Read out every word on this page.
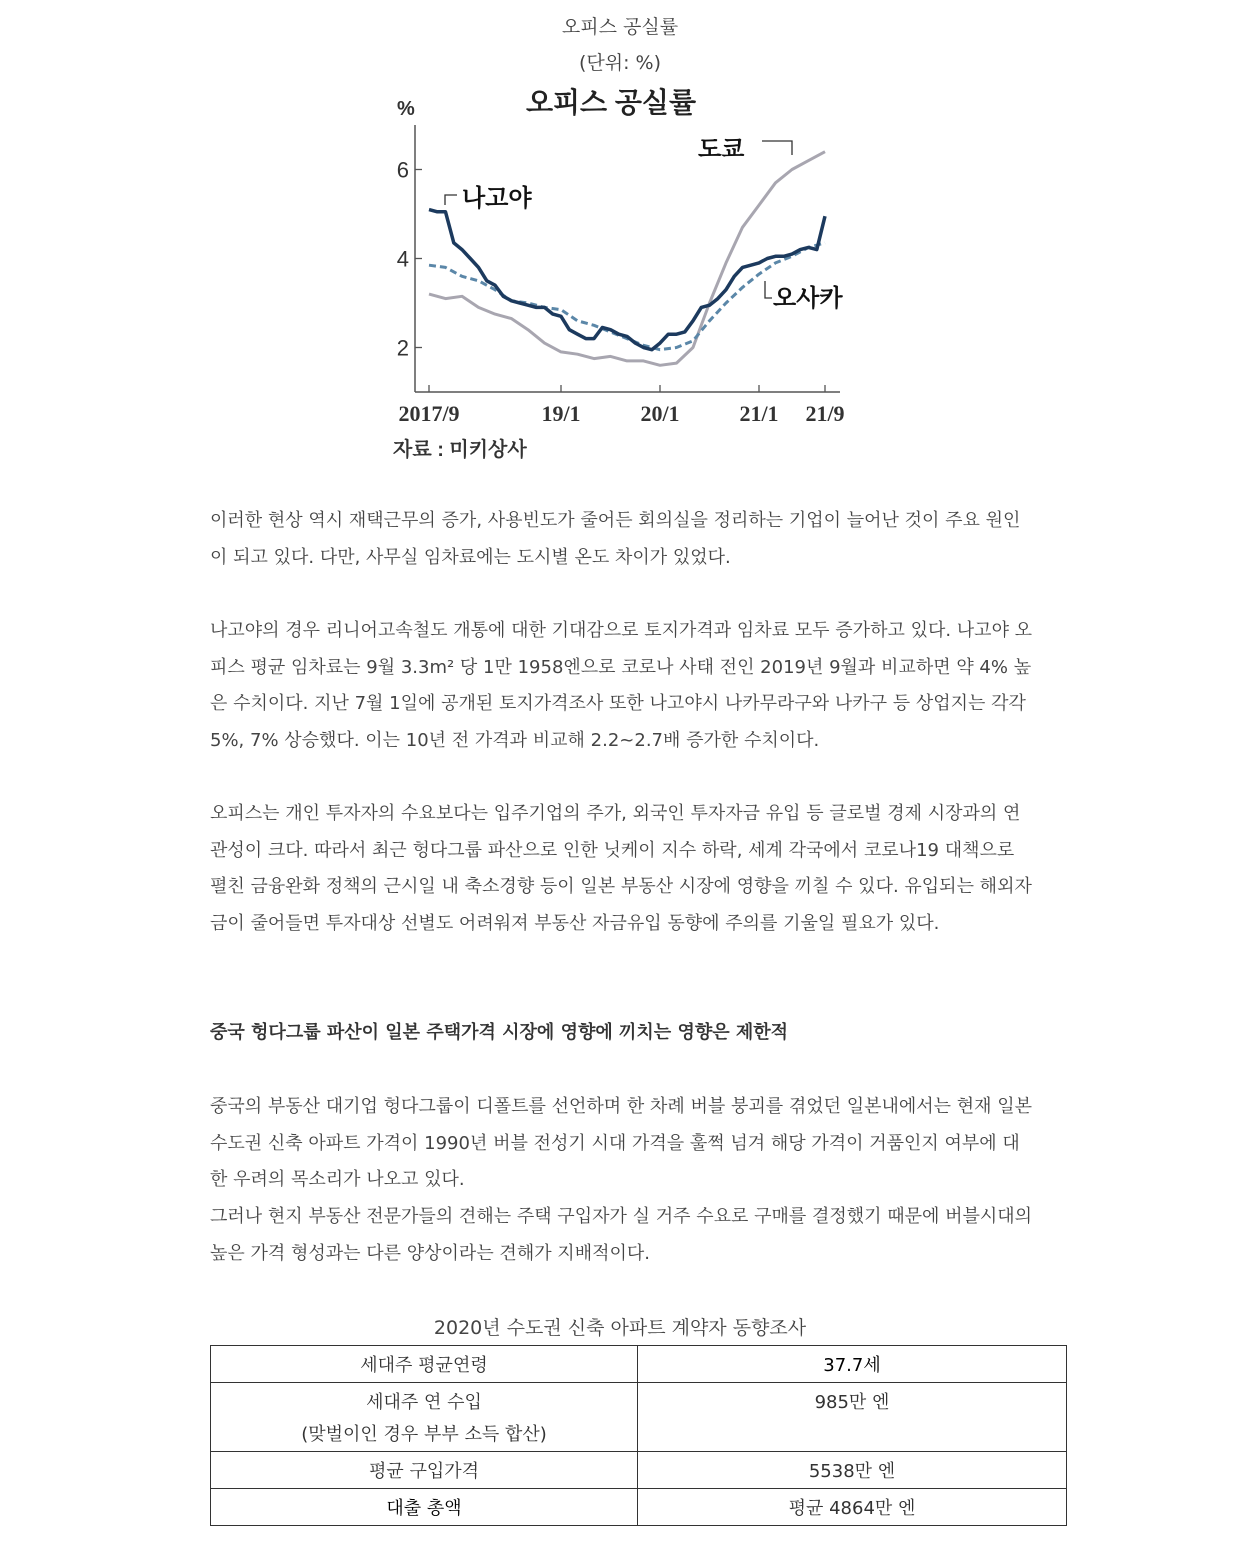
오피스 공실률
(단위: %)
오피스 공실률
%
2
4
6
2017/9	19/1	20/1	21/1 21/9
나고야
도쿄
오사카
자료 : 미키상사

이러한 현상 역시 재택근무의 증가, 사용빈도가 줄어든 회의실을 정리하는 기업이 늘어난 것이 주요 원인이 되고 있다. 다만, 사무실 임차료에는 도시별 온도 차이가 있었다.

나고야의 경우 리니어고속철도 개통에 대한 기대감으로 토지가격과 임차료 모두 증가하고 있다. 나고야 오피스 평균 임차료는 9월 3.3m² 당 1만 1958엔으로 코로나 사태 전인 2019년 9월과 비교하면 약 4% 높은 수치이다. 지난 7월 1일에 공개된 토지가격조사 또한 나고야시 나카무라구와 나카구 등 상업지는 각각 5%, 7% 상승했다. 이는 10년 전 가격과 비교해 2.2~2.7배 증가한 수치이다.

오피스는 개인 투자자의 수요보다는 입주기업의 주가, 외국인 투자자금 유입 등 글로벌 경제 시장과의 연관성이 크다. 따라서 최근 헝다그룹 파산으로 인한 닛케이 지수 하락, 세계 각국에서 코로나19 대책으로 펼친 금융완화 정책의 근시일 내 축소경향 등이 일본 부동산 시장에 영향을 끼칠 수 있다. 유입되는 해외자금이 줄어들면 투자대상 선별도 어려워져 부동산 자금유입 동향에 주의를 기울일 필요가 있다.

중국 헝다그룹 파산이 일본 주택가격 시장에 영향에 끼치는 영향은 제한적

중국의 부동산 대기업 헝다그룹이 디폴트를 선언하며 한 차례 버블 붕괴를 겪었던 일본내에서는 현재 일본 수도권 신축 아파트 가격이 1990년 버블 전성기 시대 가격을 훌쩍 넘겨 해당 가격이 거품인지 여부에 대한 우려의 목소리가 나오고 있다.

그러나 현지 부동산 전문가들의 견해는 주택 구입자가 실 거주 수요로 구매를 결정했기 때문에 버블시대의 높은 가격 형성과는 다른 양상이라는 견해가 지배적이다.

2020년 수도권 신축 아파트 계약자 동향조사
세대주 평균연령	37.7세
세대주 연 수입
(맞벌이인 경우 부부 소득 합산)	985만 엔
평균 구입가격	5538만 엔
대출 총액	평균 4864만 엔
